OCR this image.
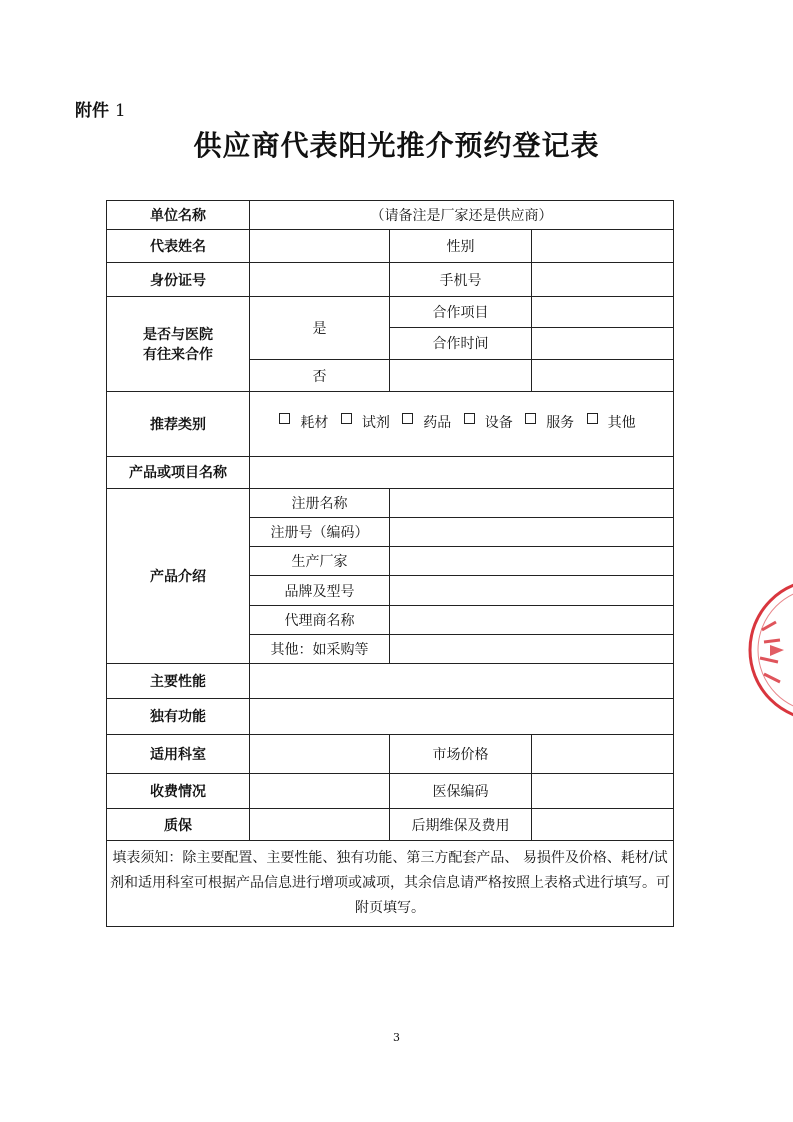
附件 1
供应商代表阳光推介预约登记表
单位名称	（请备注是厂家还是供应商）		
代表姓名		性别	
身份证号		手机号	
是否与医院
有往来合作	是	合作项目	
		合作时间	
	否		
推荐类别	耗材 试剂 药品 设备 服务 其他		
产品或项目名称			
产品介绍	注册名称		
	注册号（编码）		
	生产厂家		
	品牌及型号		
	代理商名称		
	其他：如采购等		
主要性能			
独有功能			
适用科室		市场价格	
收费情况		医保编码	
质保		后期维保及费用	
填表须知：除主要配置、主要性能、独有功能、第三方配套产品、 易损件及价格、耗材/试剂和适用科室可根据产品信息进行增项或减项，其余信息请严格按照上表格式进行填写。可附页填写。			
3
